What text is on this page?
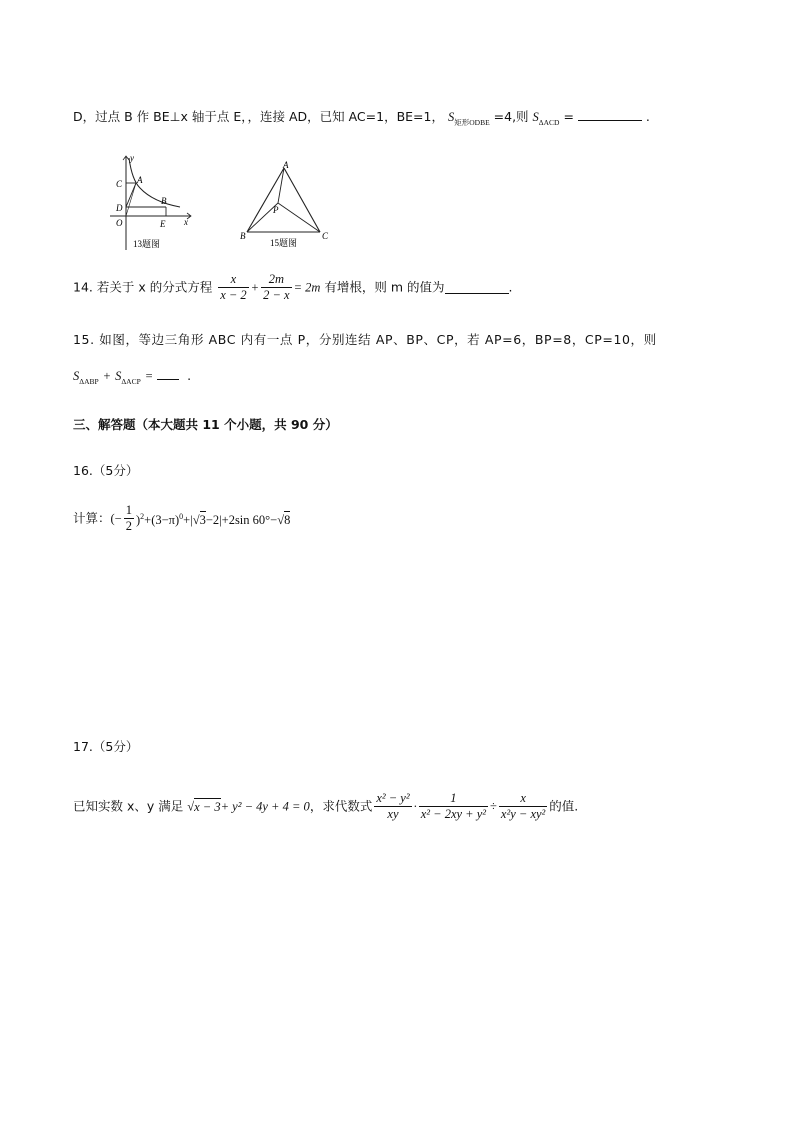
D，过点 B 作 BE⊥x 轴于点 E，，连接 AD，已知 AC=1，BE=1， $S_{矩形ODBE} =4$,则 $S_{\Delta ACD}$ =	.
y
x
C A
D
B
O	E
13题图
A
B	C
P
15题图
14. 若关于 x 的分式方程 $\frac{x}{x - 2} + \frac{2m}{2 - x} = 2m$ 有增根，则 m 的值为	.
15. 如图，等边三角形 ABC 内有一点 P，分别连结 AP、BP、CP，若 AP=6，BP=8，CP=10，则
$S_{\Delta ABP} + S_{\Delta ACP}$ =	.
三、解答题（本大题共 11 个小题，共 90 分）
16.（5分）
计算：(− $\frac{1}{2} )^2+(3-\pi)^0+|√3-2|+2\sin$ 60°−√8
17.（5分）
已知实数 x、y 满足 √x − 3+ y² − 4y + 4 = 0，求代数式 $\frac{\text{x² − y²}}{xy} \cdot \frac{1}{\text{x² − 2xy + y²}} \div \frac{x}{\text{x²y − xy²}}$ 的值.
